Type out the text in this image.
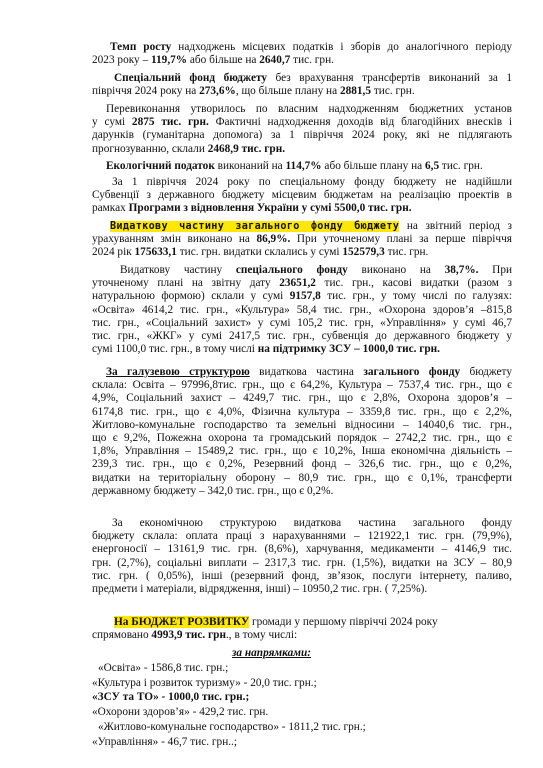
Темп росту надходжень місцевих податків і зборів до аналогічного періоду
2023 року – 119,7% або більше на 2640,7 тис. грн.

Спеціальний фонд бюджету без врахування трансфертів виконаний за 1
півріччя 2024 року на 273,6%, що більше плану на 2881,5 тис. грн.

Перевиконання утворилось по власним надходженням бюджетних установ
у сумі 2875 тис. грн. Фактичні надходження доходів від благодійних внесків і
дарунків (гуманітарна допомога) за 1 півріччя 2024 року, які не підлягають
прогнозуванню, склали 2468,9 тис. грн.

Екологічний податок виконаний на 114,7% або більше плану на 6,5 тис. грн.

За 1 півріччя 2024 року по спеціальному фонду бюджету не надійшли
Субвенції з державного бюджету місцевим бюджетам на реалізацію проектів в
рамках Програми з відновлення України у сумі 5500,0 тис. грн.

Видаткову частину загального фонду бюджету на звітний період з
урахуванням змін виконано на 86,9%. При уточненому плані за перше півріччя
2024 рік 175633,1 тис. грн. видатки склались у сумі 152579,3 тис. грн.

Видаткову частину спеціального фонду виконано на 38,7%. При
уточненому плані на звітну дату 23651,2 тис. грн., касові видатки (разом з
натуральною формою) склали у сумі 9157,8 тис. грн., у тому числі по галузях:
«Освіта» 4614,2 тис. грн., «Культура» 58,4 тис. грн., «Охорона здоров’я –815,8
тис. грн., «Соціальний захист» у сумі 105,2 тис. грн, «Управління» у сумі 46,7
тис. грн., «ЖКГ» у сумі 2417,5 тис. грн., субвенція до державного бюджету у
сумі 1100,0 тис. грн., в тому числі на підтримку ЗСУ – 1000,0 тис. грн.

За галузевою структурою видаткова частина загального фонду бюджету
склала: Освіта – 97996,8тис. грн., що є 64,2%, Культура – 7537,4 тис. грн., що є
4,9%, Соціальний захист – 4249,7 тис. грн., що є 2,8%, Охорона здоров’я –
6174,8 тис. грн., що є 4,0%, Фізична культура – 3359,8 тис. грн., що є 2,2%,
Житлово-комунальне господарство та земельні відносини – 14040,6 тис. грн.,
що є 9,2%, Пожежна охорона та громадський порядок – 2742,2 тис. грн., що є
1,8%, Управління – 15489,2 тис. грн., що є 10,2%, Інша економічна діяльність –
239,3 тис. грн., що є 0,2%, Резервний фонд – 326,6 тис. грн., що є 0,2%,
видатки на територіальну оборону – 80,9 тис. грн., що є 0,1%, трансферти
державному бюджету – 342,0 тис. грн., що є 0,2%.

За економічною структурою видаткова частина загального фонду
бюджету склала: оплата праці з нарахуваннями – 121922,1 тис. грн. (79,9%),
енергоносії – 13161,9 тис. грн. (8,6%), харчування, медикаменти – 4146,9 тис.
грн. (2,7%), соціальні виплати – 2317,3 тис. грн. (1,5%), видатки на ЗСУ – 80,9
тис. грн. ( 0,05%), інші (резервний фонд, зв’язок, послуги інтернету, паливо,
предмети і матеріали, відрядження, інші) – 10950,2 тис. грн. ( 7,25%).

На БЮДЖЕТ РОЗВИТКУ громади у першому півріччі 2024 року
спрямовано 4993,9 тис. грн., в тому числі:

за напрямками:
«Освіта» - 1586,8 тис. грн.;
«Культура і розвиток туризму» - 20,0 тис. грн.;
«ЗСУ та ТО» - 1000,0 тис. грн.;
«Охорони здоров’я» - 429,2 тис. грн.
«Житлово-комунальне господарство» - 1811,2 тис. грн.;
«Управління» - 46,7 тис. грн..;
